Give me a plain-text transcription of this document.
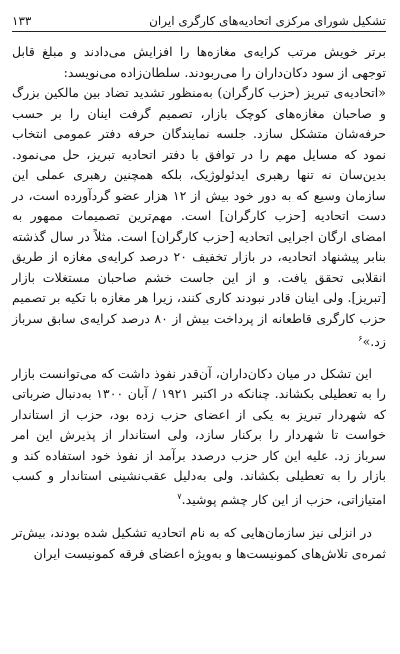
تشکیل شورای مرکزی اتحادیه‌های کارگری ایران
۱۳۳

برتر خویش مرتب کرایه‌ی مغازه‌ها را افزایش می‌دادند و مبلغ قابل توجهی از سود دکان‌داران را می‌ربودند. سلطان‌زاده می‌نویسد:

«اتحادیه‌ی تبریز (حزب کارگران) به‌منظور تشدید تضاد بین مالکین بزرگ و صاحبان مغازه‌های کوچک بازار، تصمیم گرفت اینان را بر حسب حرفه‌شان متشکل سازد. جلسه نمایندگان حرفه دفتر عمومی انتخاب نمود که مسایل مهم را در توافق با دفتر اتحادیه تبریز، حل می‌نمود. بدین‌سان نه تنها رهبری ایدئولوژیک، بلکه همچنین رهبری عملی این سازمان وسیع که به دور خود بیش از ۱۲ هزار عضو گردآورده است، در دست اتحادیه [حزب کارگران] است. مهم‌ترین تصمیمات ممهور به امضای ارگان اجرایی اتحادیه [حزب کارگران] است. مثلاً در سال گذشته بنابر پیشنهاد اتحادیه، در بازار تخفیف ۲۰ درصد کرایه‌ی مغازه از طریق انقلابی تحقق یافت. و از این جاست خشم صاحبان مستغلات بازار [تبریز]. ولی اینان قادر نبودند کاری کنند، زیرا هر مغازه با تکیه بر تصمیم حزب کارگری قاطعانه از پرداخت بیش از ۸۰ درصد کرایه‌ی سابق سرباز زد.»$^۶$

این تشکل در میان دکان‌داران، آن‌قدر نفوذ داشت که می‌توانست بازار را به تعطیلی بکشاند. چنانکه در اکتبر ۱۹۲۱ / آبان ۱۳۰۰ به‌دنبال ضرباتی که شهردار تبریز به یکی از اعضای حزب زده بود، حزب از استاندار خواست تا شهردار را برکنار سازد، ولی استاندار از پذیرش این امر سرباز زد. علیه این کار حزب درصدد برآمد از نفوذ خود استفاده کند و بازار را به تعطیلی بکشاند. ولی به‌دلیل عقب‌نشینی استاندار و کسب امتیازاتی، حزب از این کار چشم پوشید.$^۷$

در انزلی نیز سازمان‌هایی که به نام اتحادیه تشکیل شده بودند، بیش‌تر ثمره‌ی تلاش‌های کمونیست‌ها و به‌ویژه اعضای فرقه کمونیست ایران
